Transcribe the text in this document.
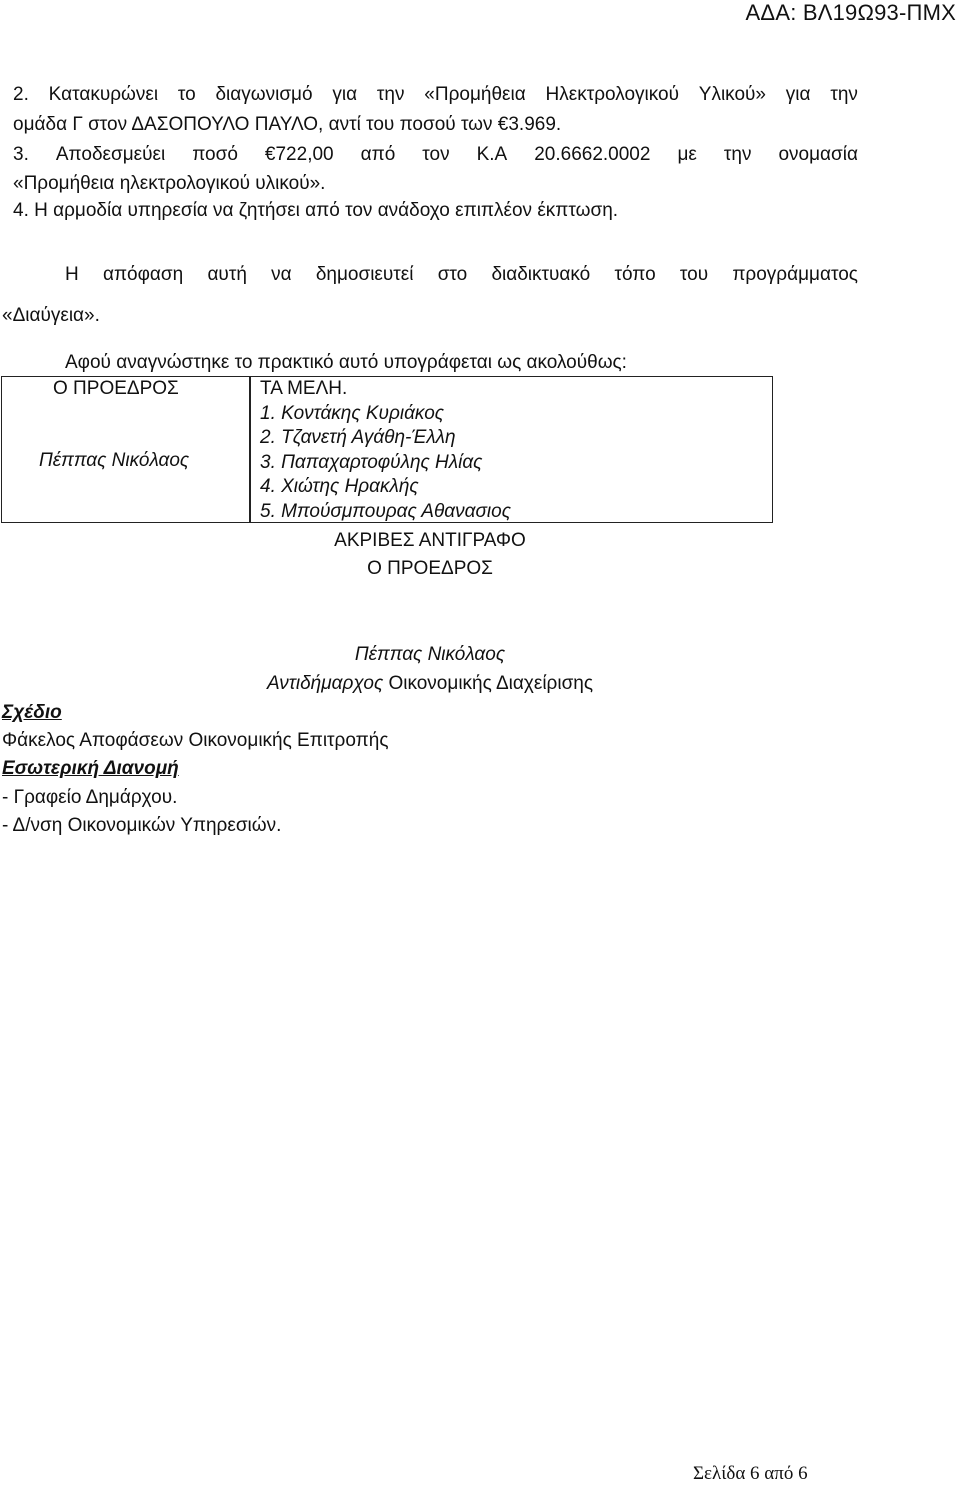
ΑΔΑ: ΒΛ19Ω93-ΠΜΧ
2. Κατακυρώνει το διαγωνισμό για την «Προμήθεια Ηλεκτρολογικού Υλικού» για την
ομάδα Γ στον ΔΑΣΟΠΟΥΛΟ ΠΑΥΛΟ, αντί του ποσού των €3.969.
3. Αποδεσμεύει ποσό €722,00 από τον Κ.Α 20.6662.0002 με την ονομασία
«Προμήθεια ηλεκτρολογικού υλικού».
4. Η αρμοδία υπηρεσία να ζητήσει από τον ανάδοχο επιπλέον έκπτωση.
Η απόφαση αυτή να δημοσιευτεί στο διαδικτυακό τόπο του προγράμματος
«Διαύγεια».
Αφού αναγνώστηκε το πρακτικό αυτό υπογράφεται ως ακολούθως:
Ο ΠΡΟΕΔΡΟΣ
Πέππας Νικόλαος
ΤΑ ΜΕΛΗ.
1. Κοντάκης Κυριάκος
2. Τζανετή Αγάθη-Έλλη
3. Παπαχαρτοφύλης Ηλίας
4. Χιώτης Ηρακλής
5. Μπούσμπουρας Αθανασιος
ΑΚΡΙΒΕΣ ΑΝΤΙΓΡΑΦΟ
Ο ΠΡΟΕΔΡΟΣ
Πέππας Νικόλαος
Αντιδήμαρχος Οικονομικής Διαχείρισης
Σχέδιο
Φάκελος Αποφάσεων Οικονομικής Επιτροπής
Εσωτερική Διανομή
- Γραφείο Δημάρχου.
- Δ/νση Οικονομικών Υπηρεσιών.
Σελίδα 6 από 6
